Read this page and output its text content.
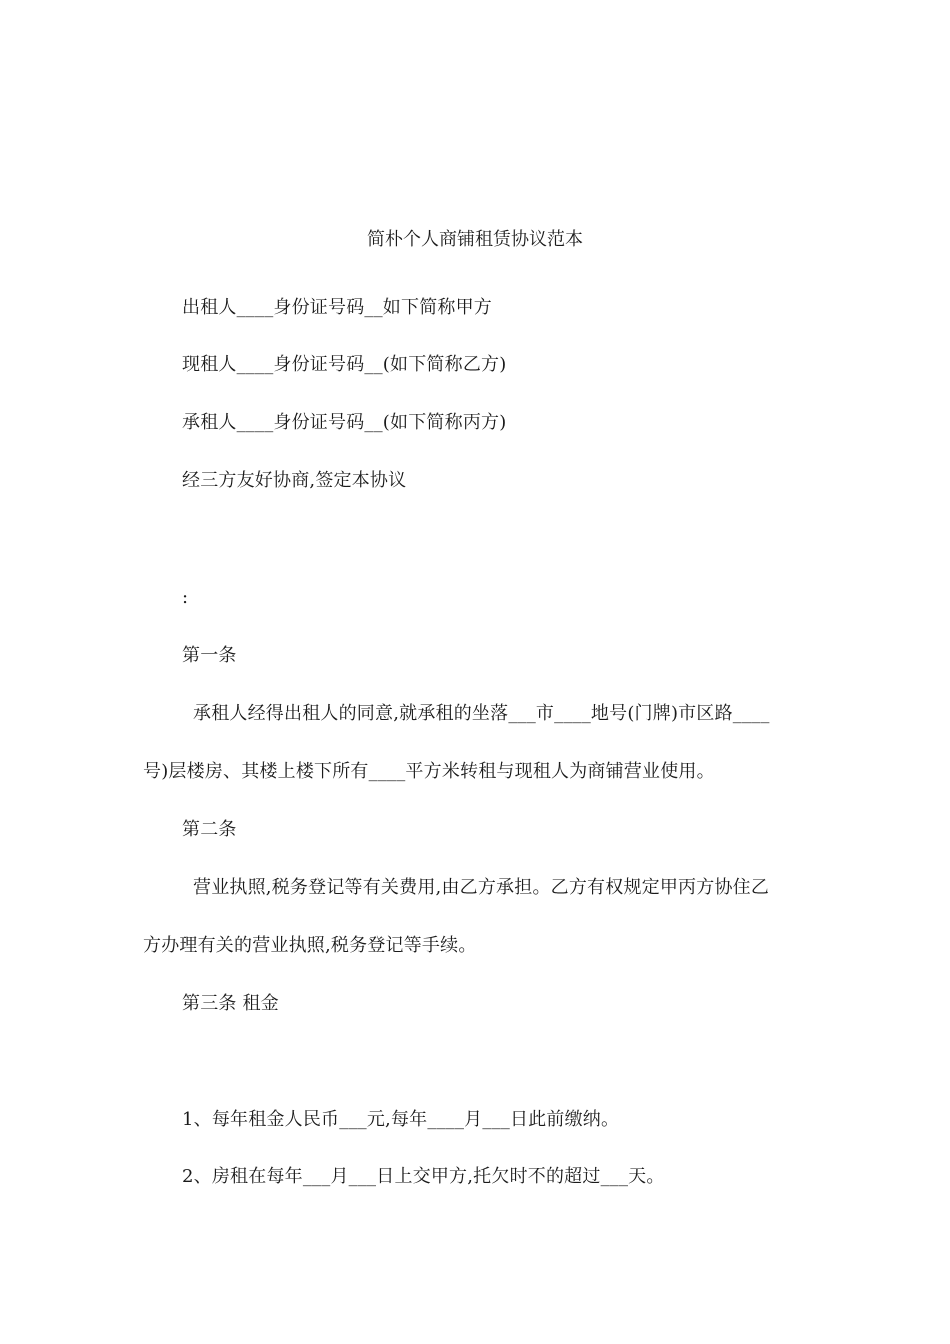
简朴个人商铺租赁协议范本
出租人____身份证号码__如下简称甲方
现租人____身份证号码__(如下简称乙方)
承租人____身份证号码__(如下简称丙方)
经三方友好协商,签定本协议
:
第一条
承租人经得出租人的同意,就承租的坐落___市____地号(门牌)市区路____
号)层楼房、其楼上楼下所有____平方米转租与现租人为商铺营业使用。
第二条
营业执照,税务登记等有关费用,由乙方承担。乙方有权规定甲丙方协住乙
方办理有关的营业执照,税务登记等手续。
第三条 租金
1、每年租金人民币___元,每年____月___日此前缴纳。
2、房租在每年___月___日上交甲方,托欠时不的超过___天。
